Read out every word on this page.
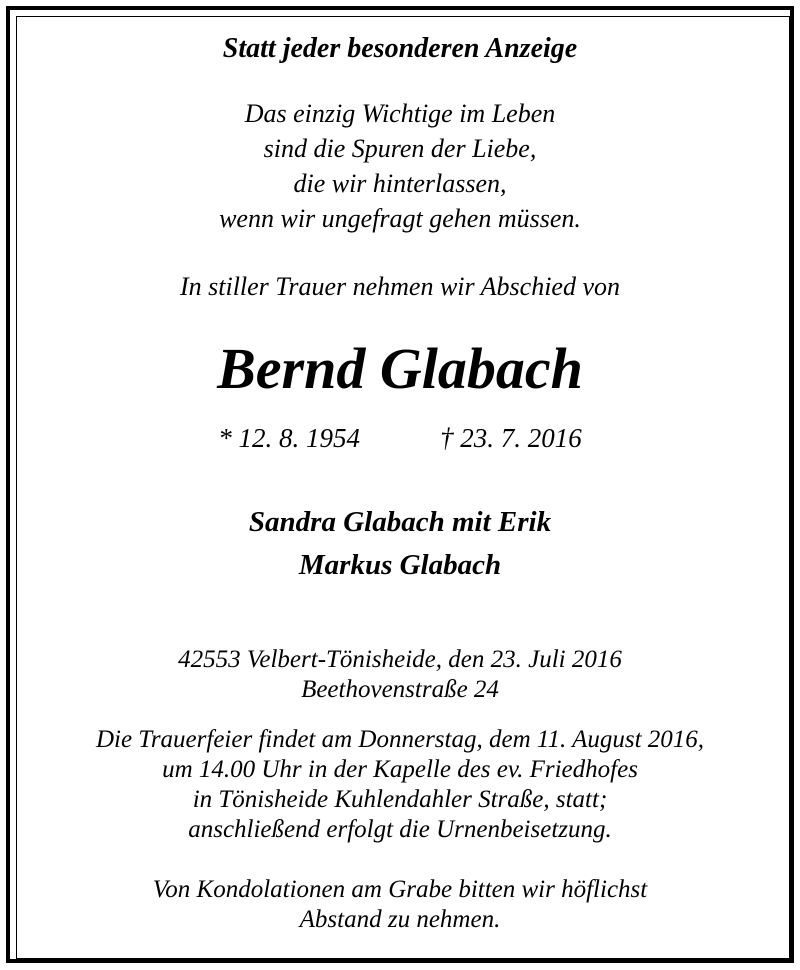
Statt jeder besonderen Anzeige

Das einzig Wichtige im Leben
sind die Spuren der Liebe,
die wir hinterlassen,
wenn wir ungefragt gehen müssen.

In stiller Trauer nehmen wir Abschied von

Bernd Glabach

* 12. 8. 1954	† 23. 7. 2016

Sandra Glabach mit Erik
Markus Glabach

42553 Velbert-Tönisheide, den 23. Juli 2016
Beethovenstraße 24

Die Trauerfeier findet am Donnerstag, dem 11. August 2016,
um 14.00 Uhr in der Kapelle des ev. Friedhofes
in Tönisheide Kuhlendahler Straße, statt;
anschließend erfolgt die Urnenbeisetzung.

Von Kondolationen am Grabe bitten wir höflichst
Abstand zu nehmen.
